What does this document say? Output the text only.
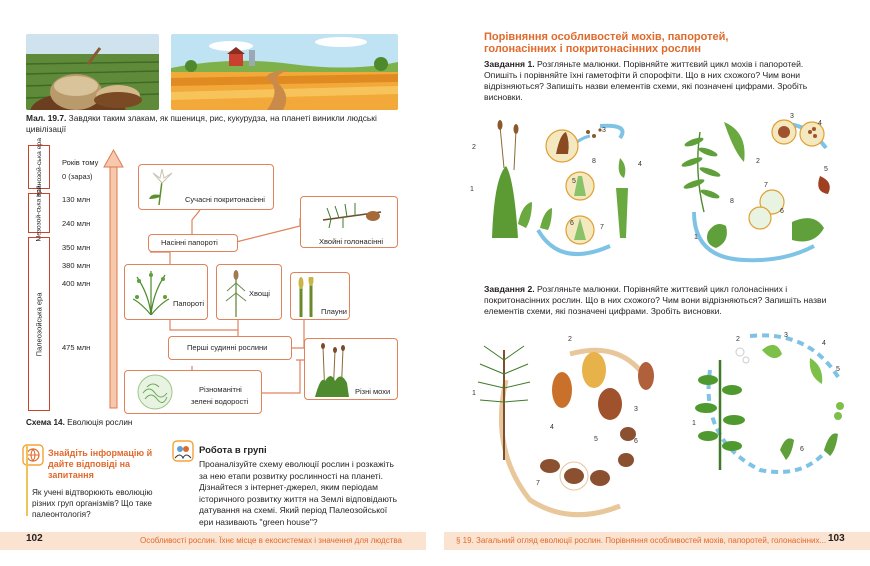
Мал. 19.7. Завдяки таким злакам, як пшениця, рис, кукурудза, на планеті виникли людські
цивілізації
Кайнозой-ська ера
Мезозой-ська ера
Палеозойська ера
Років тому
0 (зараз)
130 млн
240 млн
350 млн
380 млн
400 млн
475 млн
Сучасні покритонасінні
Насінні папороті	Хвойні голонасінні
Папороті
Хвощі
Плауни
Перші судинні рослини
Різні мохи
Різноманітні
зелені водорості
Схема 14. Еволюція рослин
Знайдіть інформацію й дайте відповіді на запитання
Як учені відтворюють еволюцію різних груп організмів? Що таке палеонтологія?
Робота в групі
Проаналізуйте схему еволюції рослин і розкажіть за нею етапи розвитку рослинності на планеті. Дізнайтеся з інтернет-джерел, яким періодам історичного розвитку життя на Землі відповідають датування на схемі. Який період Палеозойської ери називають "green house"?
Порівняння особливостей мохів, папоротей,
голонасінних і покритонасінних рослин
Завдання 1. Розгляньте малюнки. Порівняйте життєвий цикл мохів і папоротей. Опишіть і порівняйте їхні гаметофіти й спорофіти. Що в них схожого? Чим вони відрізняються? Запишіть назви елементів схеми, які позначені цифрами. Зробіть висновки.
1
2
3
4
5
6
7
8
1
2
3
4
5
6
7
8
Завдання 2. Розгляньте малюнки. Порівняйте життєвий цикл голонасінних і покритонасінних рослин. Що в них схожого? Чим вони відрізняються? Запишіть назви елементів схеми, які позначені цифрами. Зробіть висновки.
1
2
3
4
5	6
7
1
2
3
4
5
6
102	Особливості рослин. Їхнє місце в екосистемах і значення для людства	§ 19. Загальний огляд еволюції рослин. Порівняння особливостей мохів, папоротей, голонасінних... 103
